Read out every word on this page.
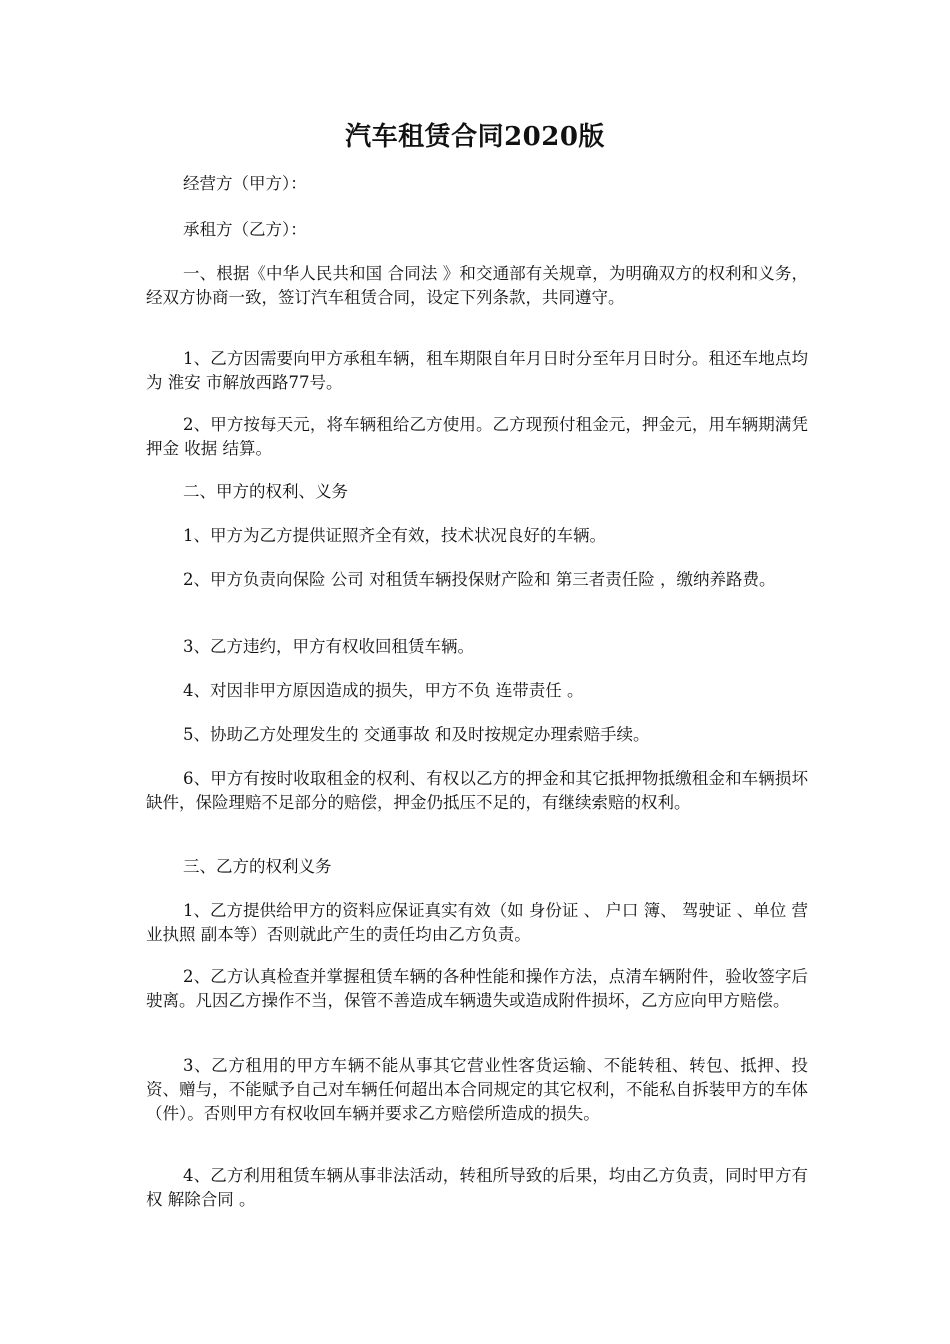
汽车租赁合同2020版

经营方（甲方）：

承租方（乙方）：

一、根据《中华人民共和国 合同法 》和交通部有关规章，为明确双方的权利和义务，经双方协商一致，签订汽车租赁合同，设定下列条款，共同遵守。

1、乙方因需要向甲方承租车辆，租车期限自年月日时分至年月日时分。租还车地点均为 淮安 市解放西路77号。

2、甲方按每天元，将车辆租给乙方使用。乙方现预付租金元，押金元，用车辆期满凭押金 收据 结算。

二、甲方的权利、义务

1、甲方为乙方提供证照齐全有效，技术状况良好的车辆。

2、甲方负责向保险 公司 对租赁车辆投保财产险和 第三者责任险 ，缴纳养路费。

3、乙方违约，甲方有权收回租赁车辆。

4、对因非甲方原因造成的损失，甲方不负 连带责任 。

5、协助乙方处理发生的 交通事故 和及时按规定办理索赔手续。

6、甲方有按时收取租金的权利、有权以乙方的押金和其它抵押物抵缴租金和车辆损坏缺件，保险理赔不足部分的赔偿，押金仍抵压不足的，有继续索赔的权利。

三、乙方的权利义务

1、乙方提供给甲方的资料应保证真实有效（如 身份证 、 户口 簿、 驾驶证 、单位 营业执照 副本等）否则就此产生的责任均由乙方负责。

2、乙方认真检查并掌握租赁车辆的各种性能和操作方法，点清车辆附件，验收签字后驶离。凡因乙方操作不当，保管不善造成车辆遗失或造成附件损坏，乙方应向甲方赔偿。

3、乙方租用的甲方车辆不能从事其它营业性客货运输、不能转租、转包、抵押、投资、赠与，不能赋予自己对车辆任何超出本合同规定的其它权利，不能私自拆装甲方的车体（件）。否则甲方有权收回车辆并要求乙方赔偿所造成的损失。

4、乙方利用租赁车辆从事非法活动，转租所导致的后果，均由乙方负责，同时甲方有权 解除合同 。
